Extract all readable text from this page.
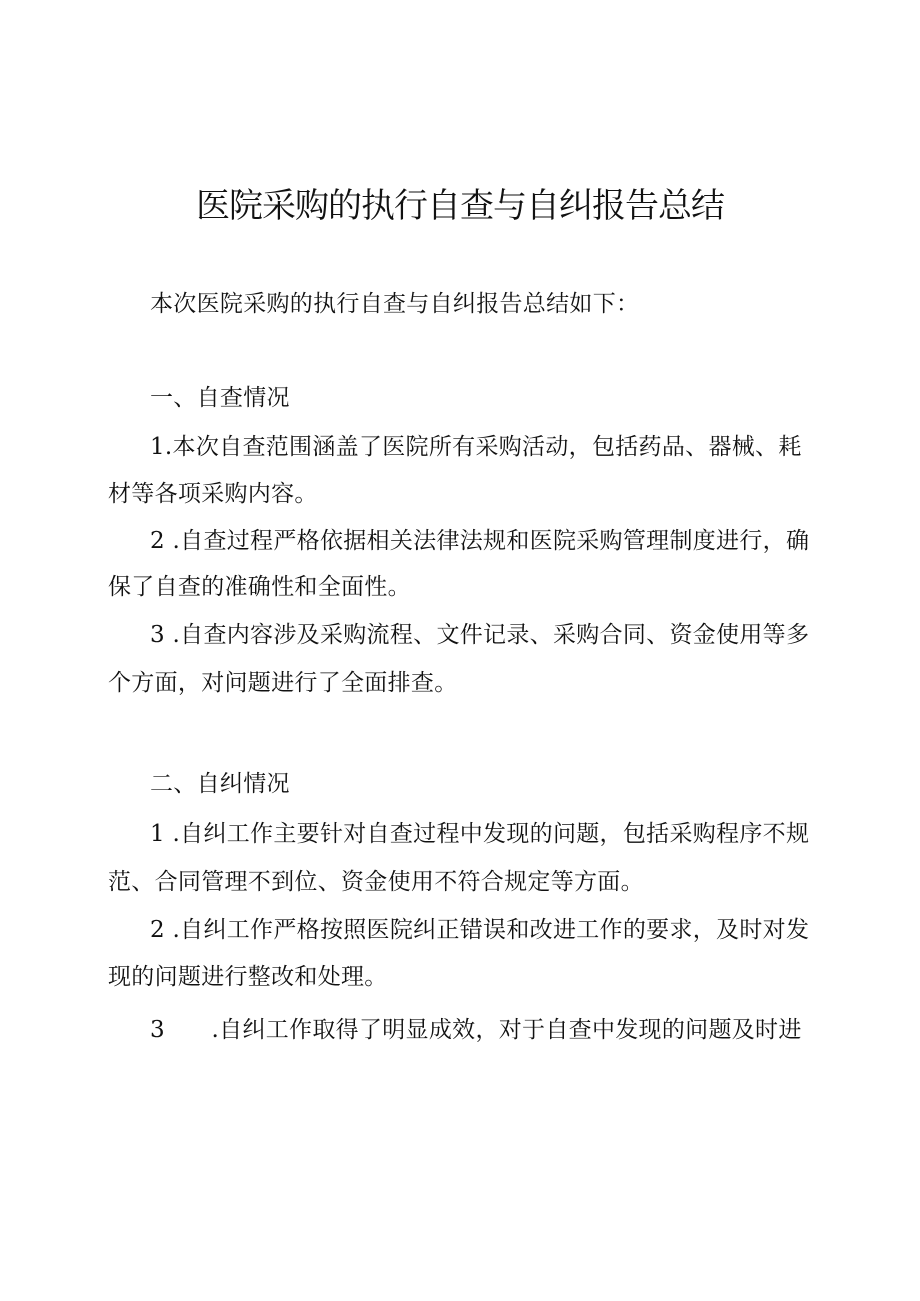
医院采购的执行自查与自纠报告总结
本次医院采购的执行自查与自纠报告总结如下：
一、自查情况
1.本次自查范围涵盖了医院所有采购活动，包括药品、器械、耗
材等各项采购内容。
2 .自查过程严格依据相关法律法规和医院采购管理制度进行，确
保了自查的准确性和全面性。
3 .自查内容涉及采购流程、文件记录、采购合同、资金使用等多
个方面，对问题进行了全面排查。
二、自纠情况
1 .自纠工作主要针对自查过程中发现的问题，包括采购程序不规
范、合同管理不到位、资金使用不符合规定等方面。
2 .自纠工作严格按照医院纠正错误和改进工作的要求，及时对发
现的问题进行整改和处理。
3　　.自纠工作取得了明显成效，对于自查中发现的问题及时进
